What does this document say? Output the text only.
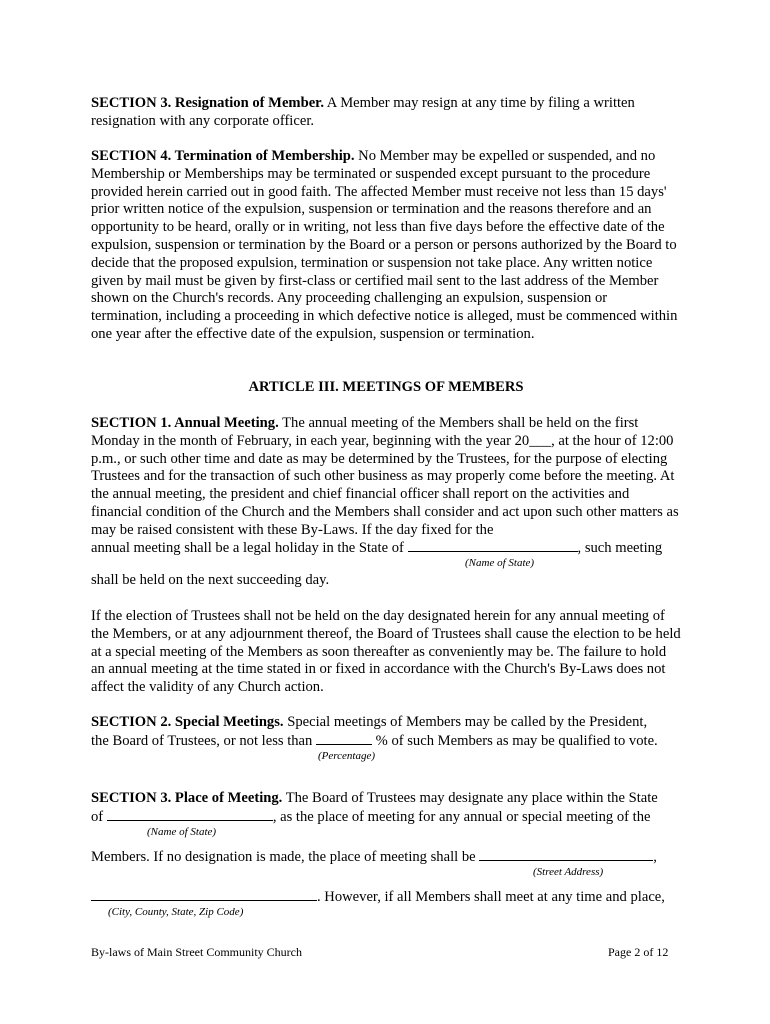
SECTION 3. Resignation of Member. A Member may resign at any time by filing a written resignation with any corporate officer.
SECTION 4. Termination of Membership. No Member may be expelled or suspended, and no Membership or Memberships may be terminated or suspended except pursuant to the procedure provided herein carried out in good faith. The affected Member must receive not less than 15 days' prior written notice of the expulsion, suspension or termination and the reasons therefore and an opportunity to be heard, orally or in writing, not less than five days before the effective date of the expulsion, suspension or termination by the Board or a person or persons authorized by the Board to decide that the proposed expulsion, termination or suspension not take place. Any written notice given by mail must be given by first-class or certified mail sent to the last address of the Member shown on the Church's records. Any proceeding challenging an expulsion, suspension or termination, including a proceeding in which defective notice is alleged, must be commenced within one year after the effective date of the expulsion, suspension or termination.
ARTICLE III. MEETINGS OF MEMBERS
SECTION 1. Annual Meeting. The annual meeting of the Members shall be held on the first Monday in the month of February, in each year, beginning with the year 20___, at the hour of 12:00 p.m., or such other time and date as may be determined by the Trustees, for the purpose of electing Trustees and for the transaction of such other business as may properly come before the meeting. At the annual meeting, the president and chief financial officer shall report on the activities and financial condition of the Church and the Members shall consider and act upon such other matters as may be raised consistent with these By-Laws. If the day fixed for the
annual meeting shall be a legal holiday in the State of	, such meeting
(Name of State)
shall be held on the next succeeding day.
If the election of Trustees shall not be held on the day designated herein for any annual meeting of the Members, or at any adjournment thereof, the Board of Trustees shall cause the election to be held at a special meeting of the Members as soon thereafter as conveniently may be. The failure to hold an annual meeting at the time stated in or fixed in accordance with the Church's By-Laws does not affect the validity of any Church action.
SECTION 2. Special Meetings. Special meetings of Members may be called by the President,
the Board of Trustees, or not less than	% of such Members as may be qualified to vote.
(Percentage)
SECTION 3. Place of Meeting. The Board of Trustees may designate any place within the State
of	, as the place of meeting for any annual or special meeting of the
(Name of State)
Members. If no designation is made, the place of meeting shall be	,
(Street Address)
. However, if all Members shall meet at any time and place,
(City, County, State, Zip Code)
By-laws of Main Street Community Church	Page 2 of 12
